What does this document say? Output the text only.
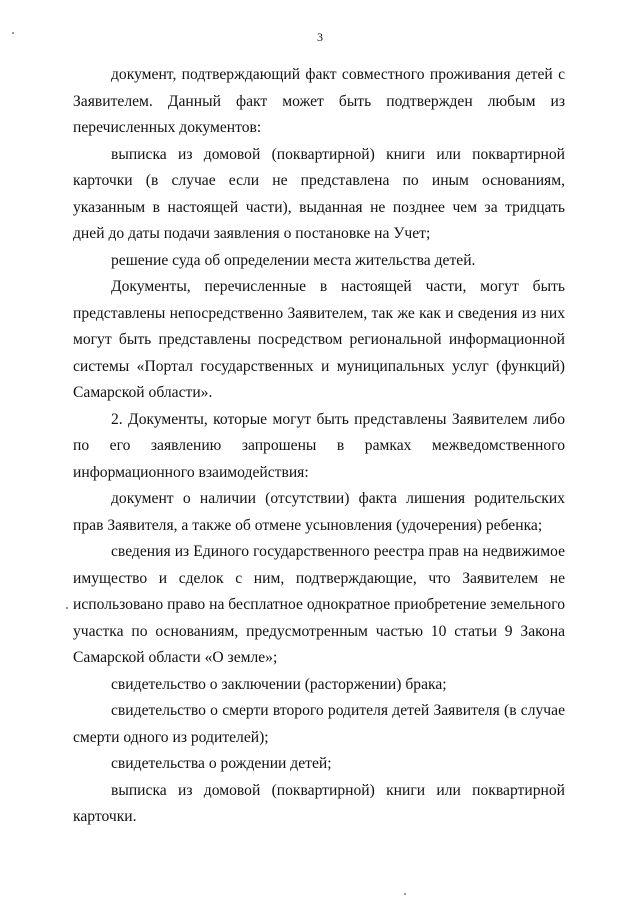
3

документ, подтверждающий факт совместного проживания детей с Заявителем. Данный факт может быть подтвержден любым из перечисленных документов:

выписка из домовой (поквартирной) книги или поквартирной карточки (в случае если не представлена по иным основаниям, указанным в настоящей части), выданная не позднее чем за тридцать дней до даты подачи заявления о постановке на Учет;

решение суда об определении места жительства детей.

Документы, перечисленные в настоящей части, могут быть представлены непосредственно Заявителем, так же как и сведения из них могут быть представлены посредством региональной информационной системы «Портал государственных и муниципальных услуг (функций) Самарской области».

2. Документы, которые могут быть представлены Заявителем либо по его заявлению запрошены в рамках межведомственного информационного взаимодействия:

документ о наличии (отсутствии) факта лишения родительских прав Заявителя, а также об отмене усыновления (удочерения) ребенка;

сведения из Единого государственного реестра прав на недвижимое имущество и сделок с ним, подтверждающие, что Заявителем не использовано право на бесплатное однократное приобретение земельного участка по основаниям, предусмотренным частью 10 статьи 9 Закона Самарской области «О земле»;

свидетельство о заключении (расторжении) брака;

свидетельство о смерти второго родителя детей Заявителя (в случае смерти одного из родителей);

свидетельства о рождении детей;

выписка из домовой (поквартирной) книги или поквартирной карточки.
